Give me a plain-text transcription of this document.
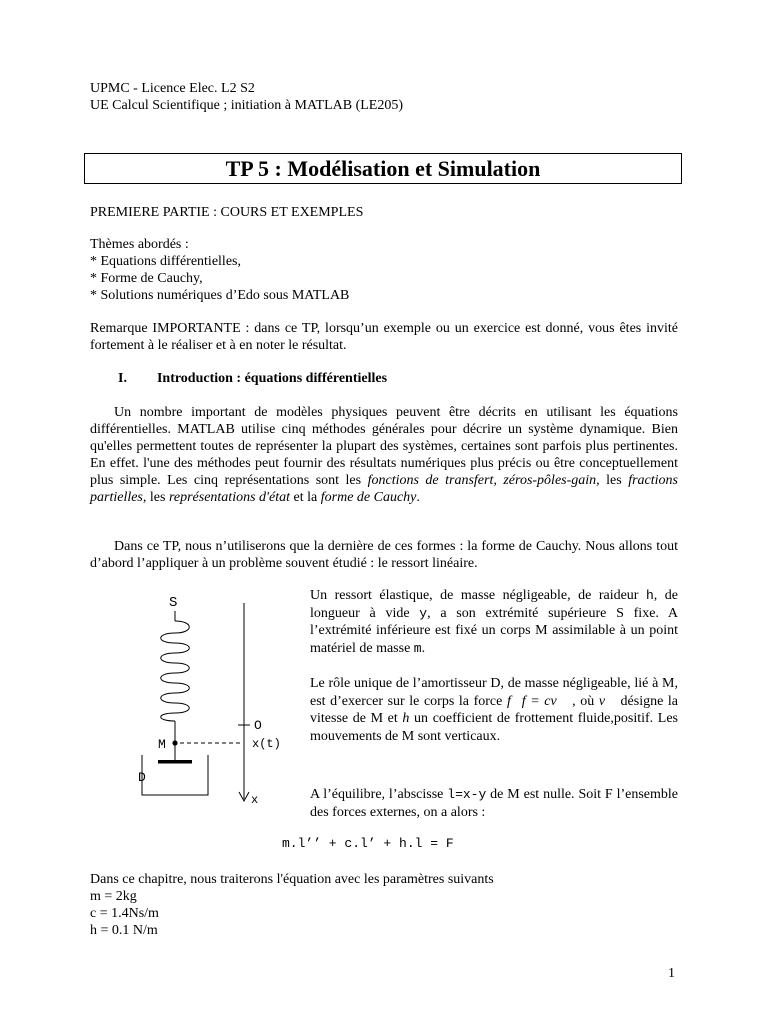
UPMC - Licence Elec. L2 S2
UE Calcul Scientifique ; initiation à MATLAB (LE205)
TP 5 : Modélisation et Simulation
PREMIERE PARTIE : COURS ET EXEMPLES
Thèmes abordés :
* Equations différentielles,
* Forme de Cauchy,
* Solutions numériques d’Edo sous MATLAB
Remarque IMPORTANTE : dans ce TP, lorsqu’un exemple ou un exercice est donné, vous êtes invité fortement à le réaliser et à en noter le résultat.
I. Introduction : équations différentielles
Un nombre important de modèles physiques peuvent être décrits en utilisant les équations différentielles. MATLAB utilise cinq méthodes générales pour décrire un système dynamique. Bien qu'elles permettent toutes de représenter la plupart des systèmes, certaines sont parfois plus pertinentes. En effet. l'une des méthodes peut fournir des résultats numériques plus précis ou être conceptuellement plus simple. Les cinq représentations sont les fonctions de transfert, zéros-pôles-gain, les fractions partielles, les représentations d'état et la forme de Cauchy.
Dans ce TP, nous n’utiliserons que la dernière de ces formes : la forme de Cauchy. Nous allons tout d’abord l’appliquer à un problème souvent étudié : le ressort linéaire.
S
M
D
O
x(t)
x
Un ressort élastique, de masse négligeable, de raideur h, de longueur à vide y, a son extrémité supérieure S fixe. A l’extrémité inférieure est fixé un corps M assimilable à un point matériel de masse m.
Le rôle unique de l’amortisseur D, de masse négligeable, lié à M, est d’exercer sur le corps la force f⃗f = cv⃗ , où v⃗ désigne la vitesse de M et h un coefficient de frottement fluide,positif. Les mouvements de M sont verticaux.
A l’équilibre, l’abscisse l=x-y de M est nulle. Soit F l’ensemble des forces externes, on a alors :
m.l’’ + c.l’ + h.l = F
Dans ce chapitre, nous traiterons l'équation avec les paramètres suivants
m = 2kg
c = 1.4Ns/m
h = 0.1 N/m
1
